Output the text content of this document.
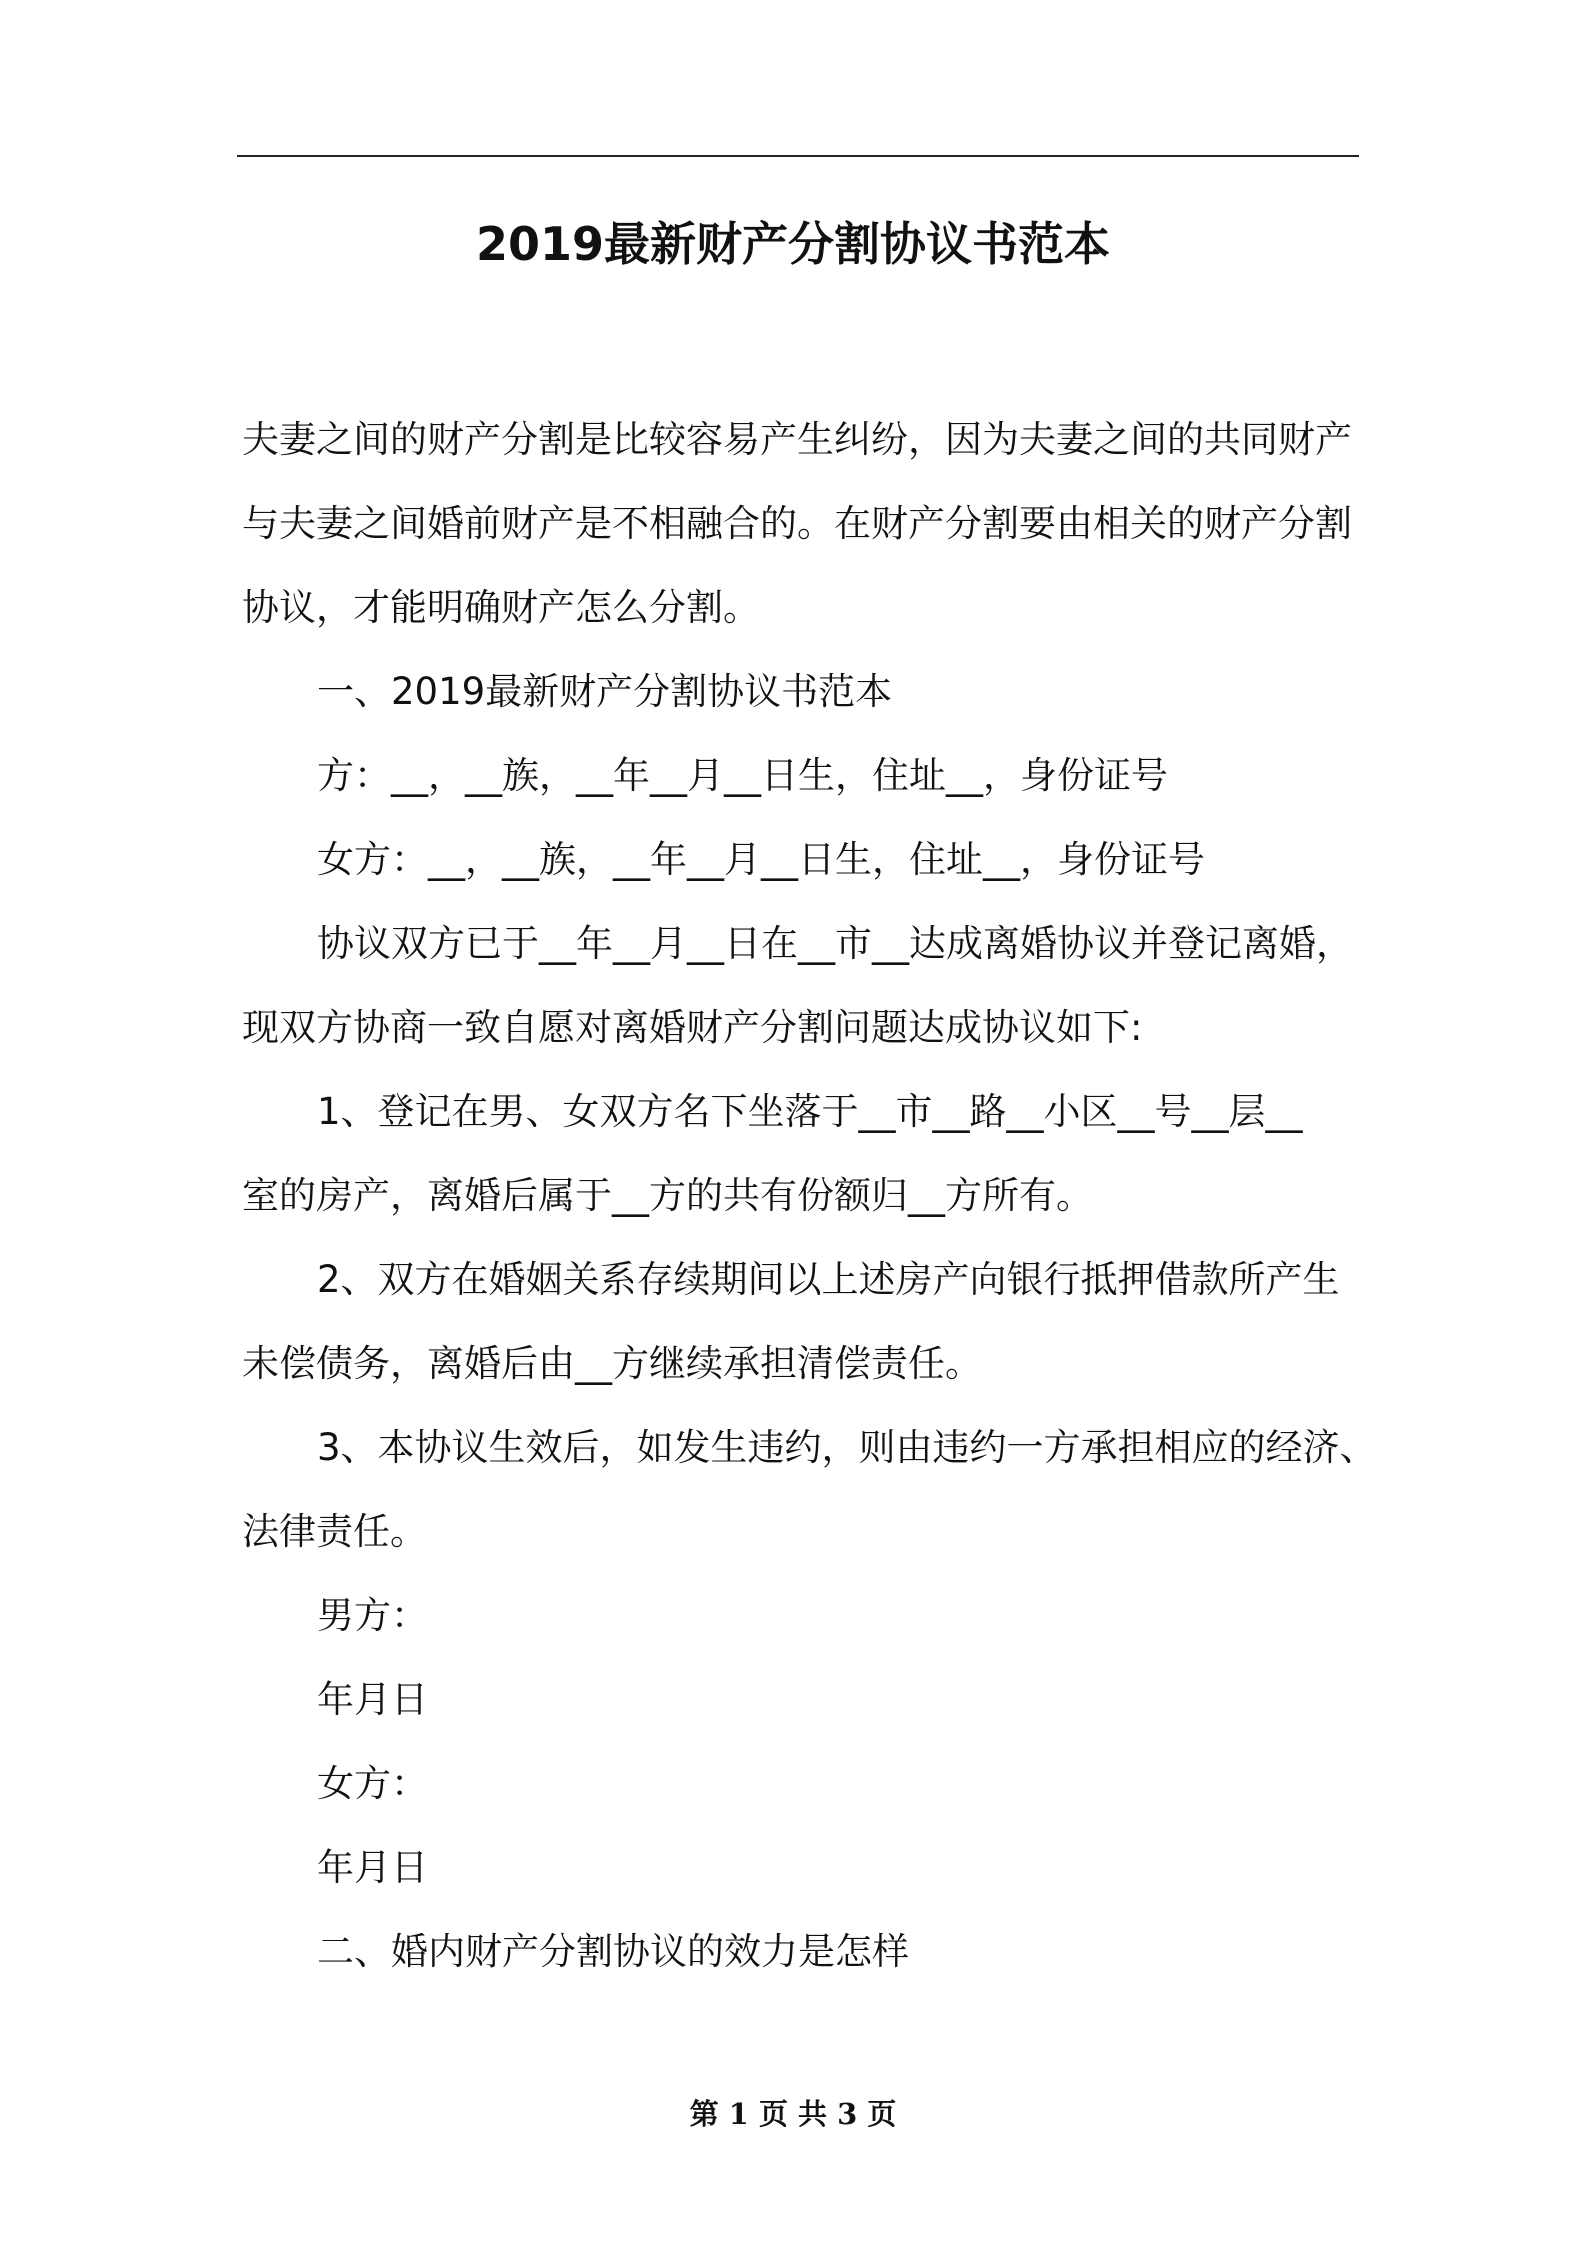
2019最新财产分割协议书范本

夫妻之间的财产分割是比较容易产生纠纷，因为夫妻之间的共同财产

与夫妻之间婚前财产是不相融合的。在财产分割要由相关的财产分割

协议，才能明确财产怎么分割。

一、2019最新财产分割协议书范本

方：__，__族，__年__月__日生，住址__，身份证号

女方：__，__族，__年__月__日生，住址__，身份证号

协议双方已于__年__月__日在__市__达成离婚协议并登记离婚，

现双方协商一致自愿对离婚财产分割问题达成协议如下:

1、登记在男、女双方名下坐落于__市__路__小区__号__层__

室的房产，离婚后属于__方的共有份额归__方所有。

2、双方在婚姻关系存续期间以上述房产向银行抵押借款所产生

未偿债务，离婚后由__方继续承担清偿责任。

3、本协议生效后，如发生违约，则由违约一方承担相应的经济、

法律责任。

男方：

年月日

女方：

年月日

二、婚内财产分割协议的效力是怎样

第 1 页 共 3 页
